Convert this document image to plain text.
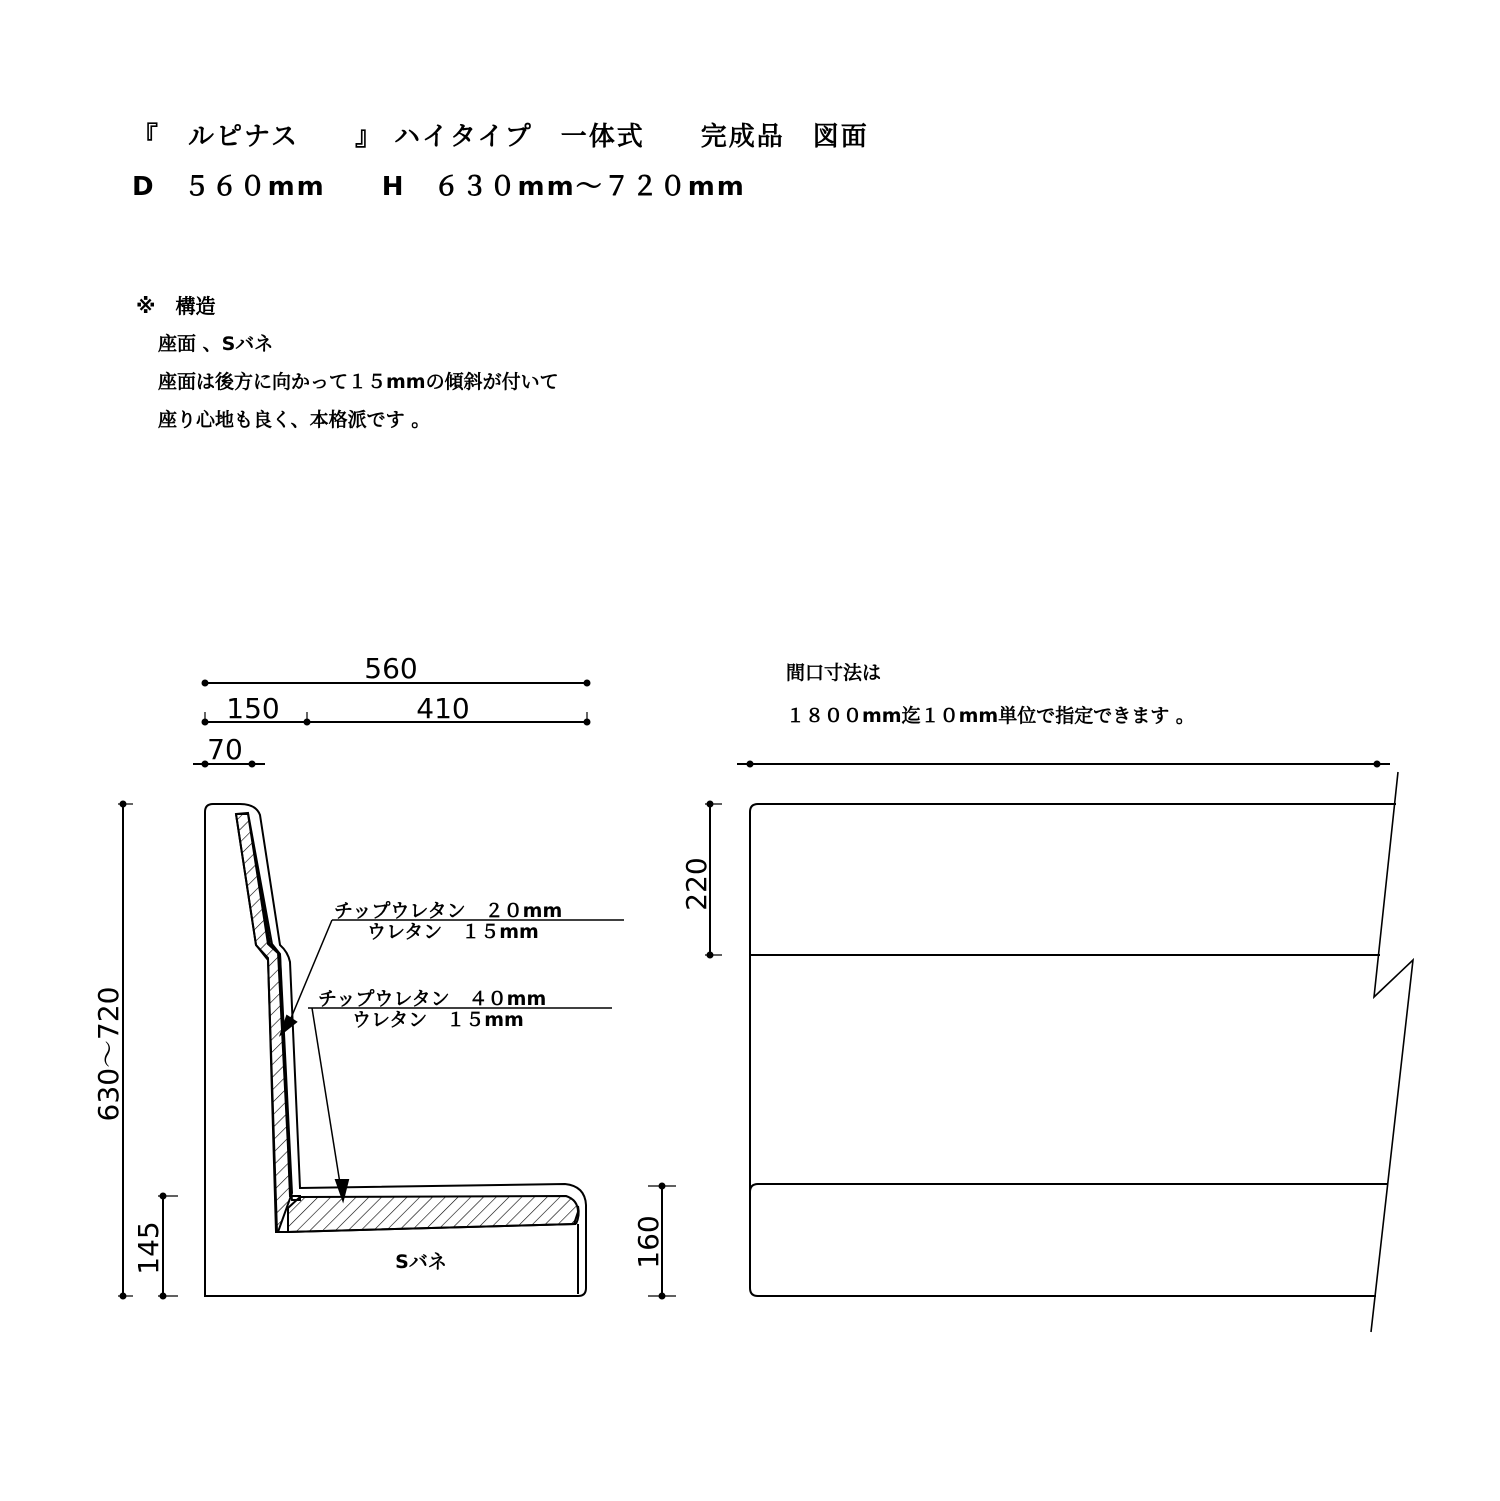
『　ルピナス　　』 ハイタイプ　一体式　　完成品　図面
D　５６０mm　　H　６３０mm～７２０mm
※　構造
座面 、Sバネ
座面は後方に向かって１５mmの傾斜が付いて
座り心地も良く、本格派です 。
間口寸法は
１８００mm迄１０mm単位で指定できます 。
560
150	410
70
630～720
145
チップウレタン　２０mm
ウレタン　１５mm
チップウレタン　４０mm
ウレタン　１５mm
Sバネ
220
160
